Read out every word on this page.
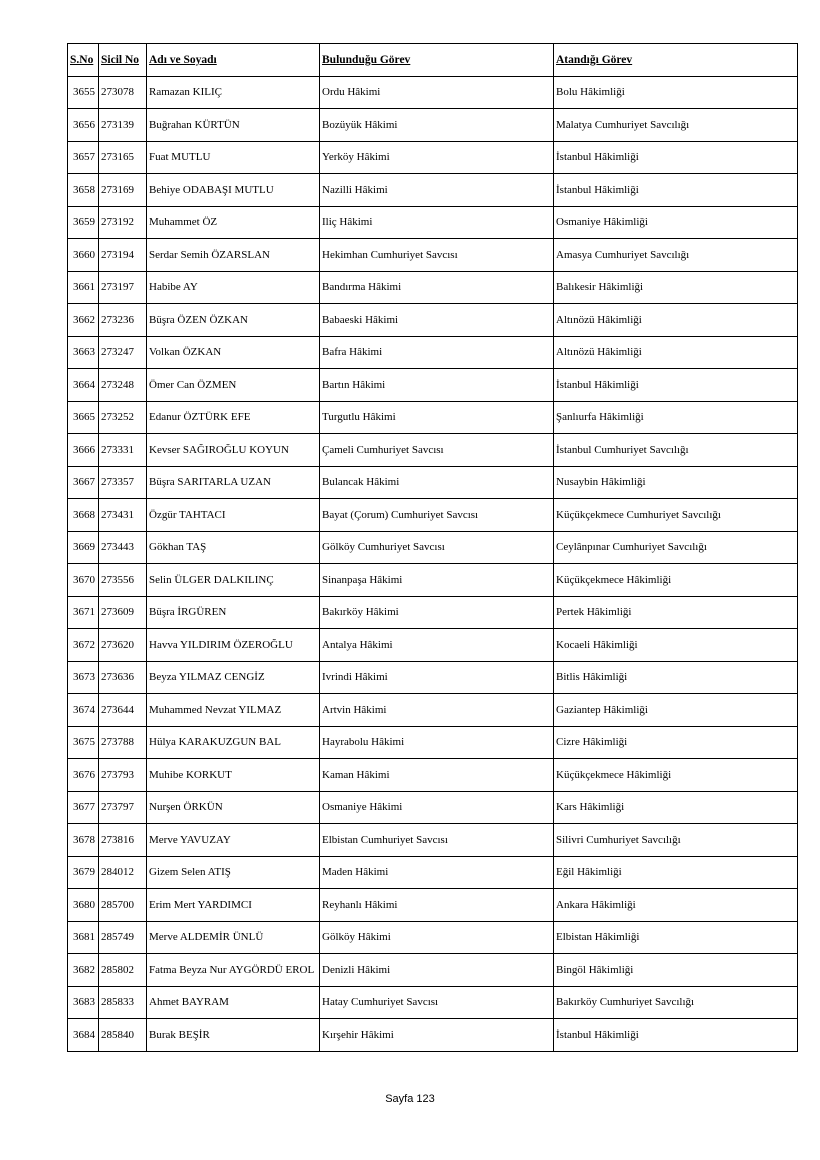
S.No	Sicil No	Adı ve Soyadı	Bulunduğu Görev	Atandığı Görev
3655	273078	Ramazan KILIÇ	Ordu Hâkimi	Bolu Hâkimliği
3656	273139	Buğrahan KÜRTÜN	Bozüyük Hâkimi	Malatya Cumhuriyet Savcılığı
3657	273165	Fuat MUTLU	Yerköy Hâkimi	İstanbul Hâkimliği
3658	273169	Behiye ODABAŞI MUTLU	Nazilli Hâkimi	İstanbul Hâkimliği
3659	273192	Muhammet ÖZ	Iliç Hâkimi	Osmaniye Hâkimliği
3660	273194	Serdar Semih ÖZARSLAN	Hekimhan Cumhuriyet Savcısı	Amasya Cumhuriyet Savcılığı
3661	273197	Habibe AY	Bandırma Hâkimi	Balıkesir Hâkimliği
3662	273236	Büşra ÖZEN ÖZKAN	Babaeski Hâkimi	Altınözü Hâkimliği
3663	273247	Volkan ÖZKAN	Bafra Hâkimi	Altınözü Hâkimliği
3664	273248	Ömer Can ÖZMEN	Bartın Hâkimi	İstanbul Hâkimliği
3665	273252	Edanur ÖZTÜRK EFE	Turgutlu Hâkimi	Şanlıurfa Hâkimliği
3666	273331	Kevser SAĞIROĞLU KOYUN	Çameli Cumhuriyet Savcısı	İstanbul Cumhuriyet Savcılığı
3667	273357	Büşra SARITARLA UZAN	Bulancak Hâkimi	Nusaybin Hâkimliği
3668	273431	Özgür TAHTACI	Bayat (Çorum) Cumhuriyet Savcısı	Küçükçekmece Cumhuriyet Savcılığı
3669	273443	Gökhan TAŞ	Gölköy Cumhuriyet Savcısı	Ceylânpınar Cumhuriyet Savcılığı
3670	273556	Selin ÜLGER DALKILINÇ	Sinanpaşa Hâkimi	Küçükçekmece Hâkimliği
3671	273609	Büşra İRGÜREN	Bakırköy Hâkimi	Pertek Hâkimliği
3672	273620	Havva YILDIRIM ÖZEROĞLU	Antalya Hâkimi	Kocaeli Hâkimliği
3673	273636	Beyza YILMAZ CENGİZ	Ivrindi Hâkimi	Bitlis Hâkimliği
3674	273644	Muhammed Nevzat YILMAZ	Artvin Hâkimi	Gaziantep Hâkimliği
3675	273788	Hülya KARAKUZGUN BAL	Hayrabolu Hâkimi	Cizre Hâkimliği
3676	273793	Muhibe KORKUT	Kaman Hâkimi	Küçükçekmece Hâkimliği
3677	273797	Nurşen ÖRKÜN	Osmaniye Hâkimi	Kars Hâkimliği
3678	273816	Merve YAVUZAY	Elbistan Cumhuriyet Savcısı	Silivri Cumhuriyet Savcılığı
3679	284012	Gizem Selen ATIŞ	Maden Hâkimi	Eğil Hâkimliği
3680	285700	Erim Mert YARDIMCI	Reyhanlı Hâkimi	Ankara Hâkimliği
3681	285749	Merve ALDEMİR ÜNLÜ	Gölköy Hâkimi	Elbistan Hâkimliği
3682	285802	Fatma Beyza Nur AYGÖRDÜ EROL	Denizli Hâkimi	Bingöl Hâkimliği
3683	285833	Ahmet BAYRAM	Hatay Cumhuriyet Savcısı	Bakırköy Cumhuriyet Savcılığı
3684	285840	Burak BEŞİR	Kırşehir Hâkimi	İstanbul Hâkimliği
Sayfa 123
